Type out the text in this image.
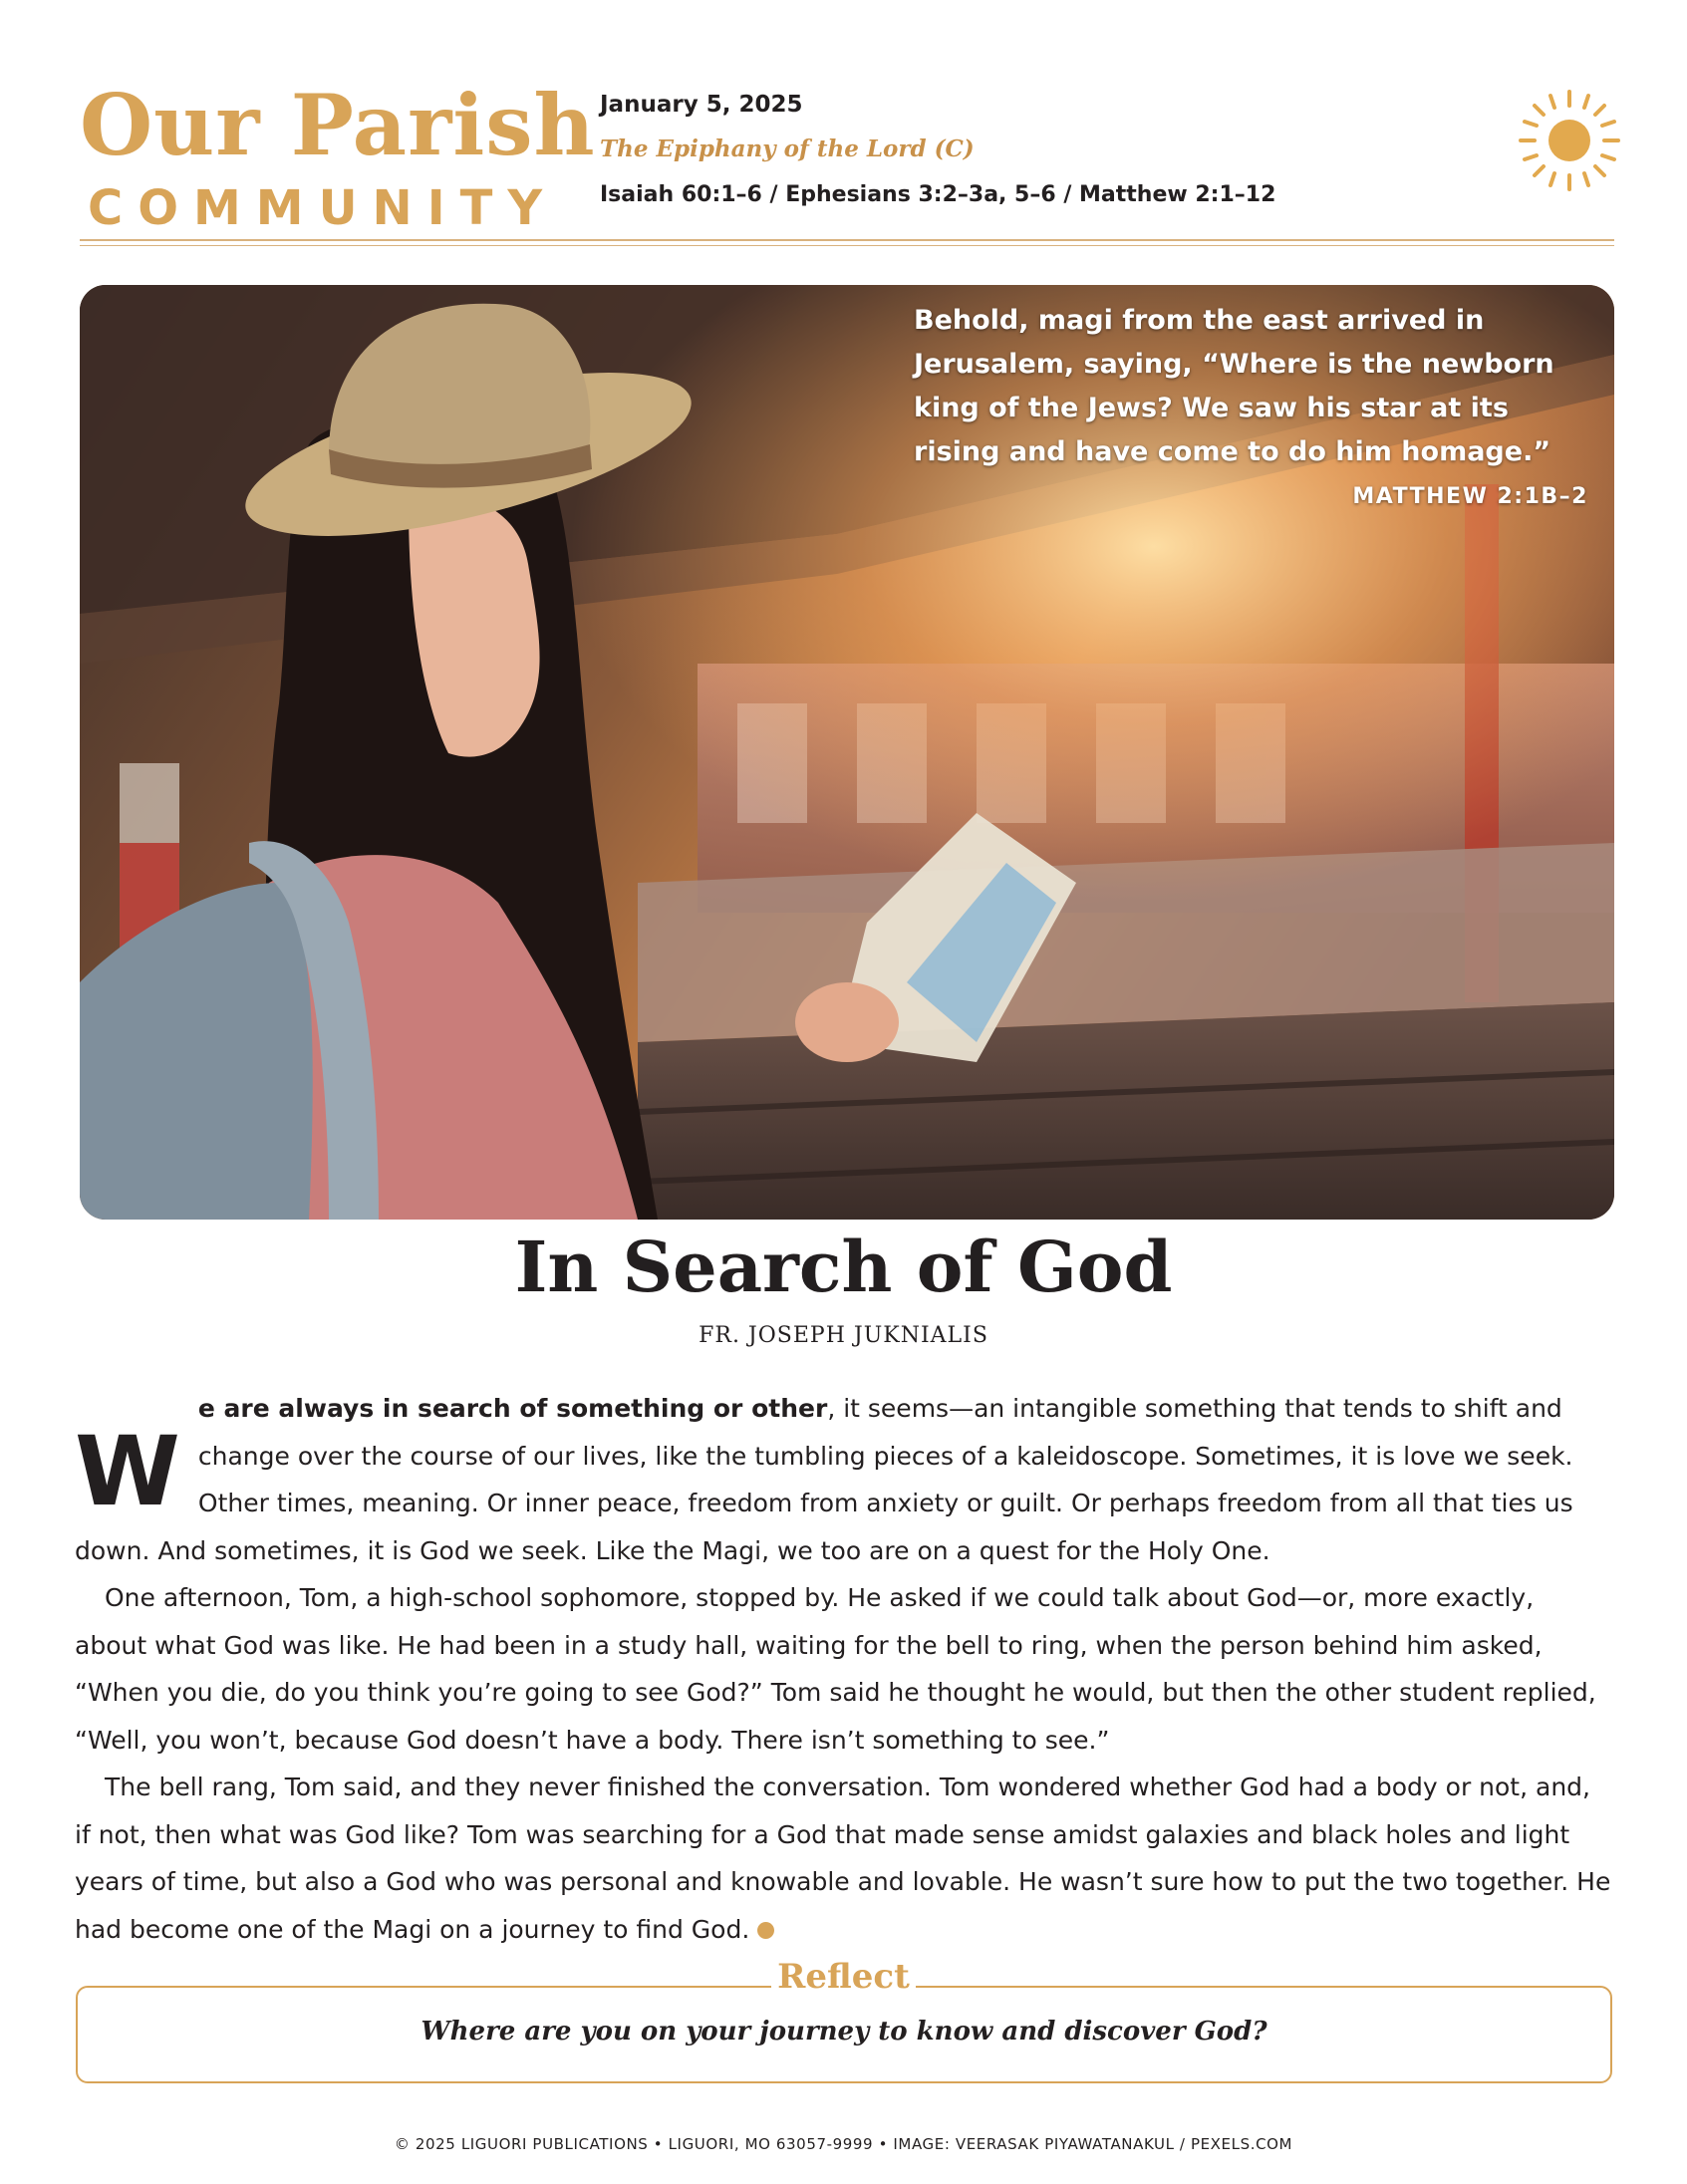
Our Parish
COMMUNITY
January 5, 2025
The Epiphany of the Lord (C)
Isaiah 60:1–6 / Ephesians 3:2–3a, 5–6 / Matthew 2:1–12
Behold, magi from the east arrived in Jerusalem, saying, “Where is the newborn king of the Jews? We saw his star at its rising and have come to do him homage.”
MATTHEW 2:1B–2
In Search of God
FR. JOSEPH JUKNIALIS
W

e are always in search of something or other, it seems—an intangible something that tends to shift and change over the course of our lives, like the tumbling pieces of a kaleidoscope. Sometimes, it is love we seek. Other times, meaning. Or inner peace, freedom from anxiety or guilt. Or perhaps freedom from all that ties us down. And sometimes, it is God we seek. Like the Magi, we too are on a quest for the Holy One.

One afternoon, Tom, a high-school sophomore, stopped by. He asked if we could talk about God—or, more exactly, about what God was like. He had been in a study hall, waiting for the bell to ring, when the person behind him asked, “When you die, do you think you’re going to see God?” Tom said he thought he would, but then the other student replied, “Well, you won’t, because God doesn’t have a body. There isn’t something to see.”

The bell rang, Tom said, and they never finished the conversation. Tom wondered whether God had a body or not, and, if not, then what was God like? Tom was searching for a God that made sense amidst galaxies and black holes and light years of time, but also a God who was personal and knowable and lovable. He wasn’t sure how to put the two together. He had become one of the Magi on a journey to find God.

Reflect
Where are you on your journey to know and discover God?
© 2025 LIGUORI PUBLICATIONS • LIGUORI, MO 63057-9999 • IMAGE: VEERASAK PIYAWATANAKUL / PEXELS.COM
